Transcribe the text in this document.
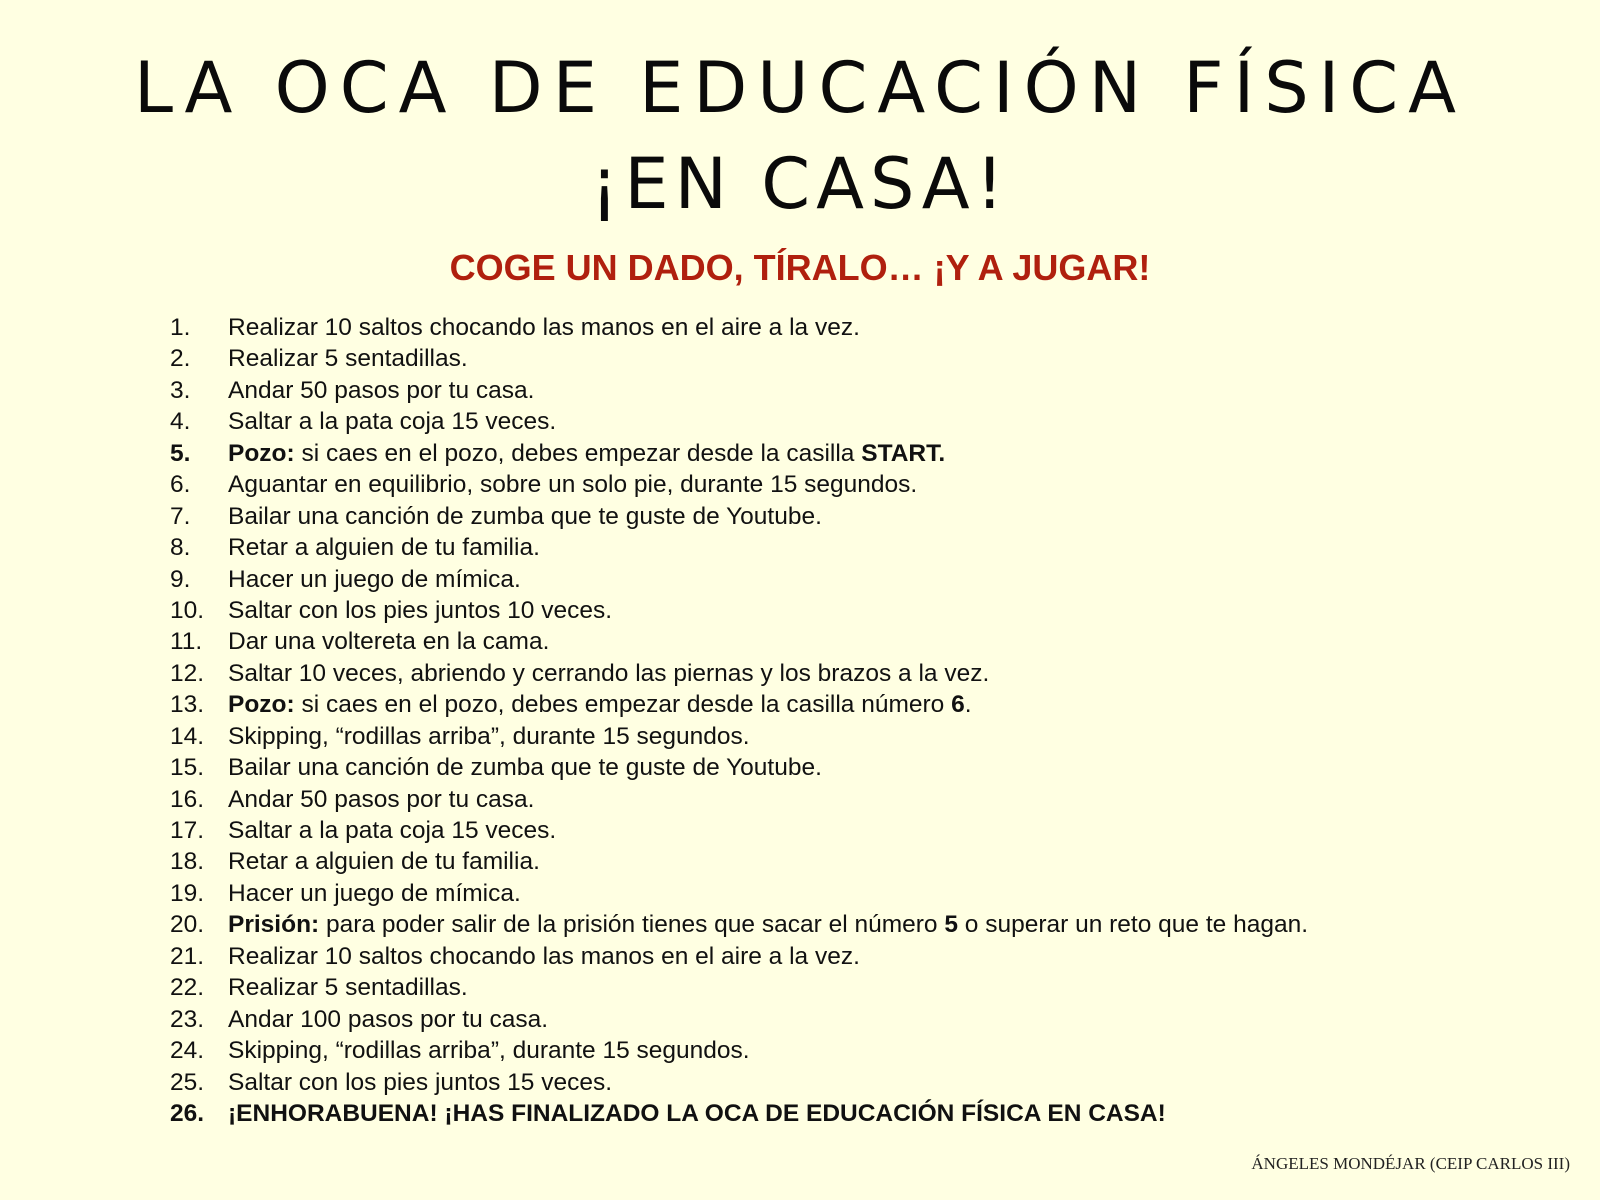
LA OCA DE EDUCACIÓN FÍSICA
¡EN CASA!
COGE UN DADO, TÍRALO… ¡Y A JUGAR!
1.	Realizar 10 saltos chocando las manos en el aire a la vez.
2.	Realizar 5 sentadillas.
3.	Andar 50 pasos por tu casa.
4.	Saltar a la pata coja 15 veces.
5.	Pozo: si caes en el pozo, debes empezar desde la casilla START.
6.	Aguantar en equilibrio, sobre un solo pie, durante 15 segundos.
7.	Bailar una canción de zumba que te guste de Youtube.
8.	Retar a alguien de tu familia.
9.	Hacer un juego de mímica.
10. Saltar con los pies juntos 10 veces.
11.	Dar una voltereta en la cama.
12. Saltar 10 veces, abriendo y cerrando las piernas y los brazos a la vez.
13. Pozo: si caes en el pozo, debes empezar desde la casilla número 6.
14. Skipping, “rodillas arriba”, durante 15 segundos.
15. Bailar una canción de zumba que te guste de Youtube.
16. Andar 50 pasos por tu casa.
17. Saltar a la pata coja 15 veces.
18. Retar a alguien de tu familia.
19. Hacer un juego de mímica.
20. Prisión: para poder salir de la prisión tienes que sacar el número 5 o superar un reto que te hagan.
21. Realizar 10 saltos chocando las manos en el aire a la vez.
22. Realizar 5 sentadillas.
23. Andar 100 pasos por tu casa.
24. Skipping, “rodillas arriba”, durante 15 segundos.
25. Saltar con los pies juntos 15 veces.
26. ¡ENHORABUENA! ¡HAS FINALIZADO LA OCA DE EDUCACIÓN FÍSICA EN CASA!
ÁNGELES MONDÉJAR (CEIP CARLOS III)
